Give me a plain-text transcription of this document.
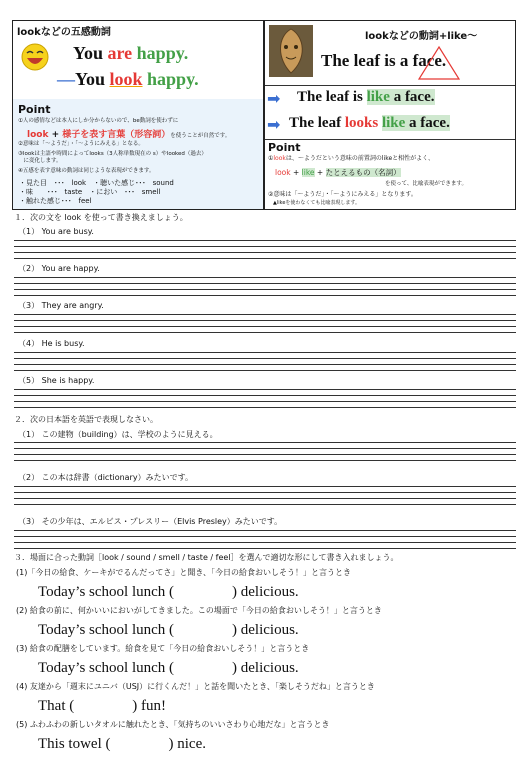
lookなどの五感動詞
You are happy.
—You look happy.
Point
①人の感情などは本人にしか分からないので、be動詞を使わずに
look + 様子を表す言葉（形容詞）を使うことが自然です。
②意味は「～ようだ」・「～ようにみえる」となる。
③lookは主語や時間によってlooks（3人称単数現在の s）やlooked（過去）
　に変化します。
④五感を表す意味の動詞は同じような表現ができます。
・見た目　･･･　look　 ・聴いた感じ･･･　sound
・味　　･･･　taste　 ・におい　･･･　smell
・触れた感じ･･･　feel
lookなどの動詞+like～
The leaf is a face.
➡ The leaf is like a face.
➡ The leaf looks like a face.
Point
①lookは、～ようだという意味の前置詞のlikeと相性がよく、
look + like + たとえるもの（名詞）
を使って、比喩表現ができます。
②意味は「～ようだ」・「～ようにみえる」となります。
▲likeを使わなくても比喩表現します。
１．次の文を look を使って書き換えましょう。
（1） You are busy.
（2） You are happy.
（3） They are angry.
（4） He is busy.
（5） She is happy.
２．次の日本語を英語で表現しなさい。
（1） この建物（building）は、学校のように見える。
（2） この本は辞書（dictionary）みたいです。
（3） その少年は、エルビス・プレスリー（Elvis Presley）みたいです。
３．場面に合った動詞［look / sound / smell / taste / feel］を選んで適切な形にして書き入れましょう。
(1)「今日の給食、ケーキがでるんだってさ」と聞き、「今日の給食おいしそう！」と言うとき
Today’s school lunch (	) delicious.
(2) 給食の前に、何かいいにおいがしてきました。この場面で「今日の給食おいしそう！」と言うとき
Today’s school lunch (	) delicious.
(3) 給食の配膳をしています。給食を見て「今日の給食おいしそう！」と言うとき
Today’s school lunch (	) delicious.
(4) 友達から「週末にユニバ（USJ）に行くんだ！」と話を聞いたとき、「楽しそうだね」と言うとき
That (	) fun!
(5) ふわふわの新しいタオルに触れたとき、「気持ちのいいさわり心地だな」と言うとき
This towel (	) nice.
